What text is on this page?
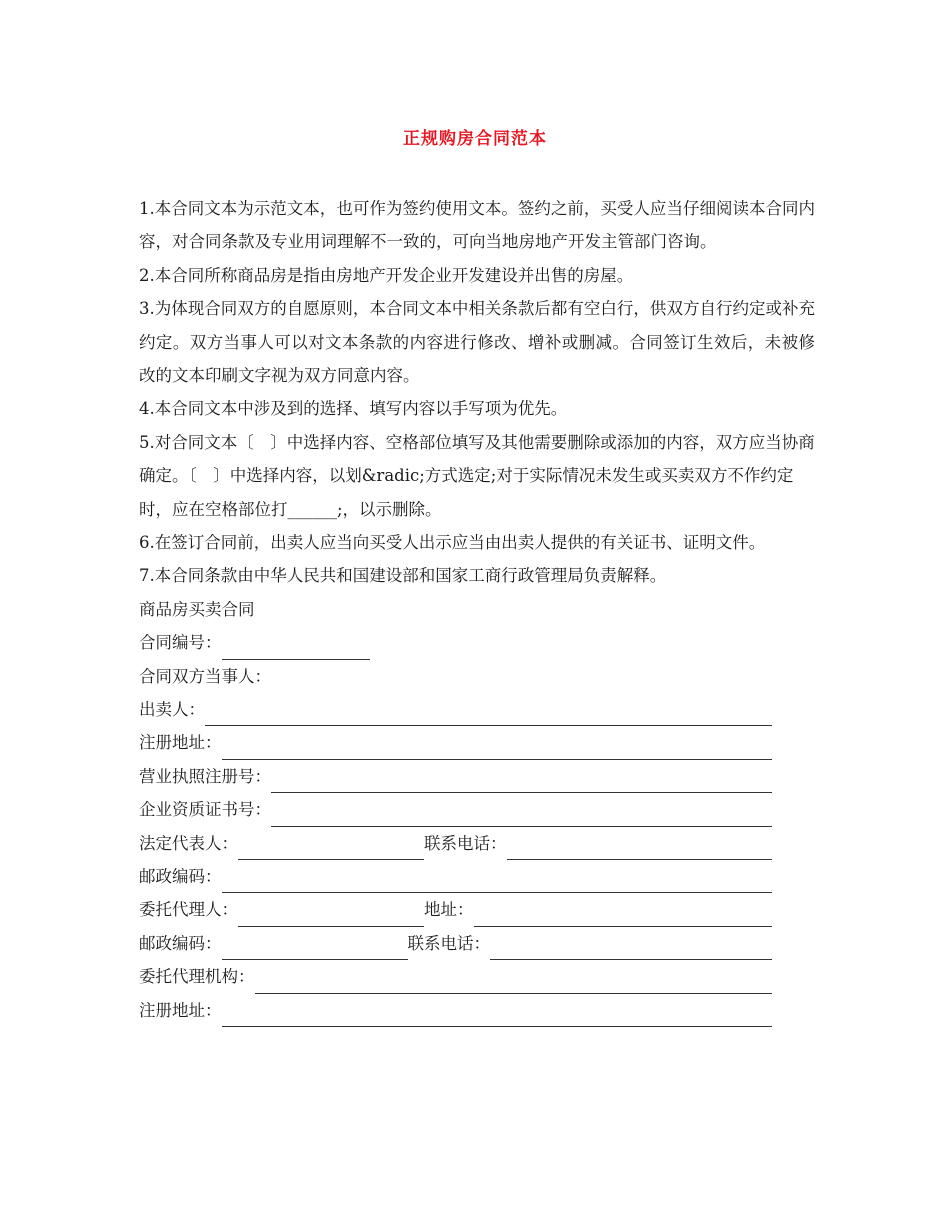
正规购房合同范本

1.本合同文本为示范文本，也可作为签约使用文本。签约之前，买受人应当仔细阅读本合同内容，对合同条款及专业用词理解不一致的，可向当地房地产开发主管部门咨询。

2.本合同所称商品房是指由房地产开发企业开发建设并出售的房屋。

3.为体现合同双方的自愿原则，本合同文本中相关条款后都有空白行，供双方自行约定或补充约定。双方当事人可以对文本条款的内容进行修改、增补或删减。合同签订生效后，未被修改的文本印刷文字视为双方同意内容。

4.本合同文本中涉及到的选择、填写内容以手写项为优先。

5.对合同文本〔　〕中选择内容、空格部位填写及其他需要删除或添加的内容，双方应当协商确定。〔　〕中选择内容，以划&radic;方式选定;对于实际情况未发生或买卖双方不作约定时，应在空格部位打______;，以示删除。

6.在签订合同前，出卖人应当向买受人出示应当由出卖人提供的有关证书、证明文件。

7.本合同条款由中华人民共和国建设部和国家工商行政管理局负责解释。

商品房买卖合同

合同编号：

合同双方当事人：

出卖人：
注册地址：
营业执照注册号：
企业资质证书号：
法定代表人：	联系电话：
邮政编码：
委托代理人：	地址：
邮政编码：	联系电话：
委托代理机构：
注册地址：
